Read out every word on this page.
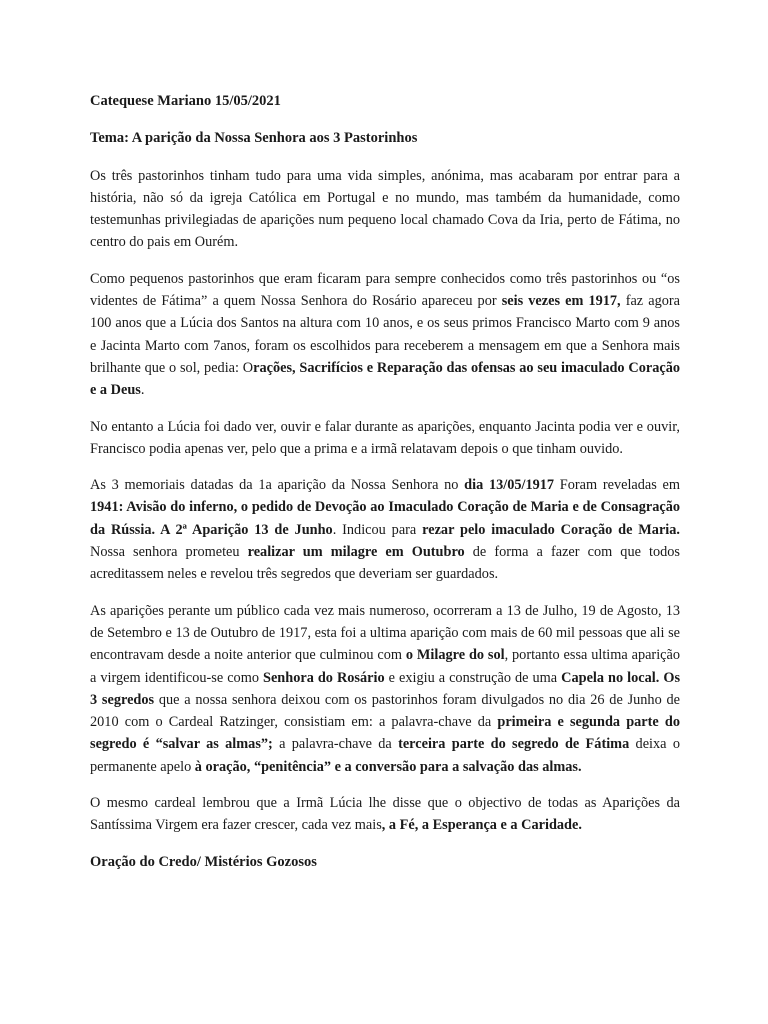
Catequese Mariano 15/05/2021

Tema: A parição da Nossa Senhora aos 3 Pastorinhos

Os três pastorinhos tinham tudo para uma vida simples, anónima, mas acabaram por entrar para a história, não só da igreja Católica em Portugal e no mundo, mas também da humanidade, como testemunhas privilegiadas de aparições num pequeno local chamado Cova da Iria, perto de Fátima, no centro do pais em Ourém.

Como pequenos pastorinhos que eram ficaram para sempre conhecidos como três pastorinhos ou “os videntes de Fátima” a quem Nossa Senhora do Rosário apareceu por seis vezes em 1917, faz agora 100 anos que a Lúcia dos Santos na altura com 10 anos, e os seus primos Francisco Marto com 9 anos e Jacinta Marto com 7anos, foram os escolhidos para receberem a mensagem em que a Senhora mais brilhante que o sol, pedia: Orações, Sacrifícios e Reparação das ofensas ao seu imaculado Coração e a Deus.

No entanto a Lúcia foi dado ver, ouvir e falar durante as aparições, enquanto Jacinta podia ver e ouvir, Francisco podia apenas ver, pelo que a prima e a irmã relatavam depois o que tinham ouvido.

As 3 memoriais datadas da 1a aparição da Nossa Senhora no dia 13/05/1917 Foram reveladas em 1941: Avisão do inferno, o pedido de Devoção ao Imaculado Coração de Maria e de Consagração da Rússia. A 2ª Aparição 13 de Junho. Indicou para rezar pelo imaculado Coração de Maria. Nossa senhora prometeu realizar um milagre em Outubro de forma a fazer com que todos acreditassem neles e revelou três segredos que deveriam ser guardados.

As aparições perante um público cada vez mais numeroso, ocorreram a 13 de Julho, 19 de Agosto, 13 de Setembro e 13 de Outubro de 1917, esta foi a ultima aparição com mais de 60 mil pessoas que ali se encontravam desde a noite anterior que culminou com o Milagre do sol, portanto essa ultima aparição a virgem identificou-se como Senhora do Rosário e exigiu a construção de uma Capela no local. Os 3 segredos que a nossa senhora deixou com os pastorinhos foram divulgados no dia 26 de Junho de 2010 com o Cardeal Ratzinger, consistiam em: a palavra-chave da primeira e segunda parte do segredo é “salvar as almas”; a palavra-chave da terceira parte do segredo de Fátima deixa o permanente apelo à oração, “penitência” e a conversão para a salvação das almas.

O mesmo cardeal lembrou que a Irmã Lúcia lhe disse que o objectivo de todas as Aparições da Santíssima Virgem era fazer crescer, cada vez mais, a Fé, a Esperança e a Caridade.

Oração do Credo/ Mistérios Gozosos
